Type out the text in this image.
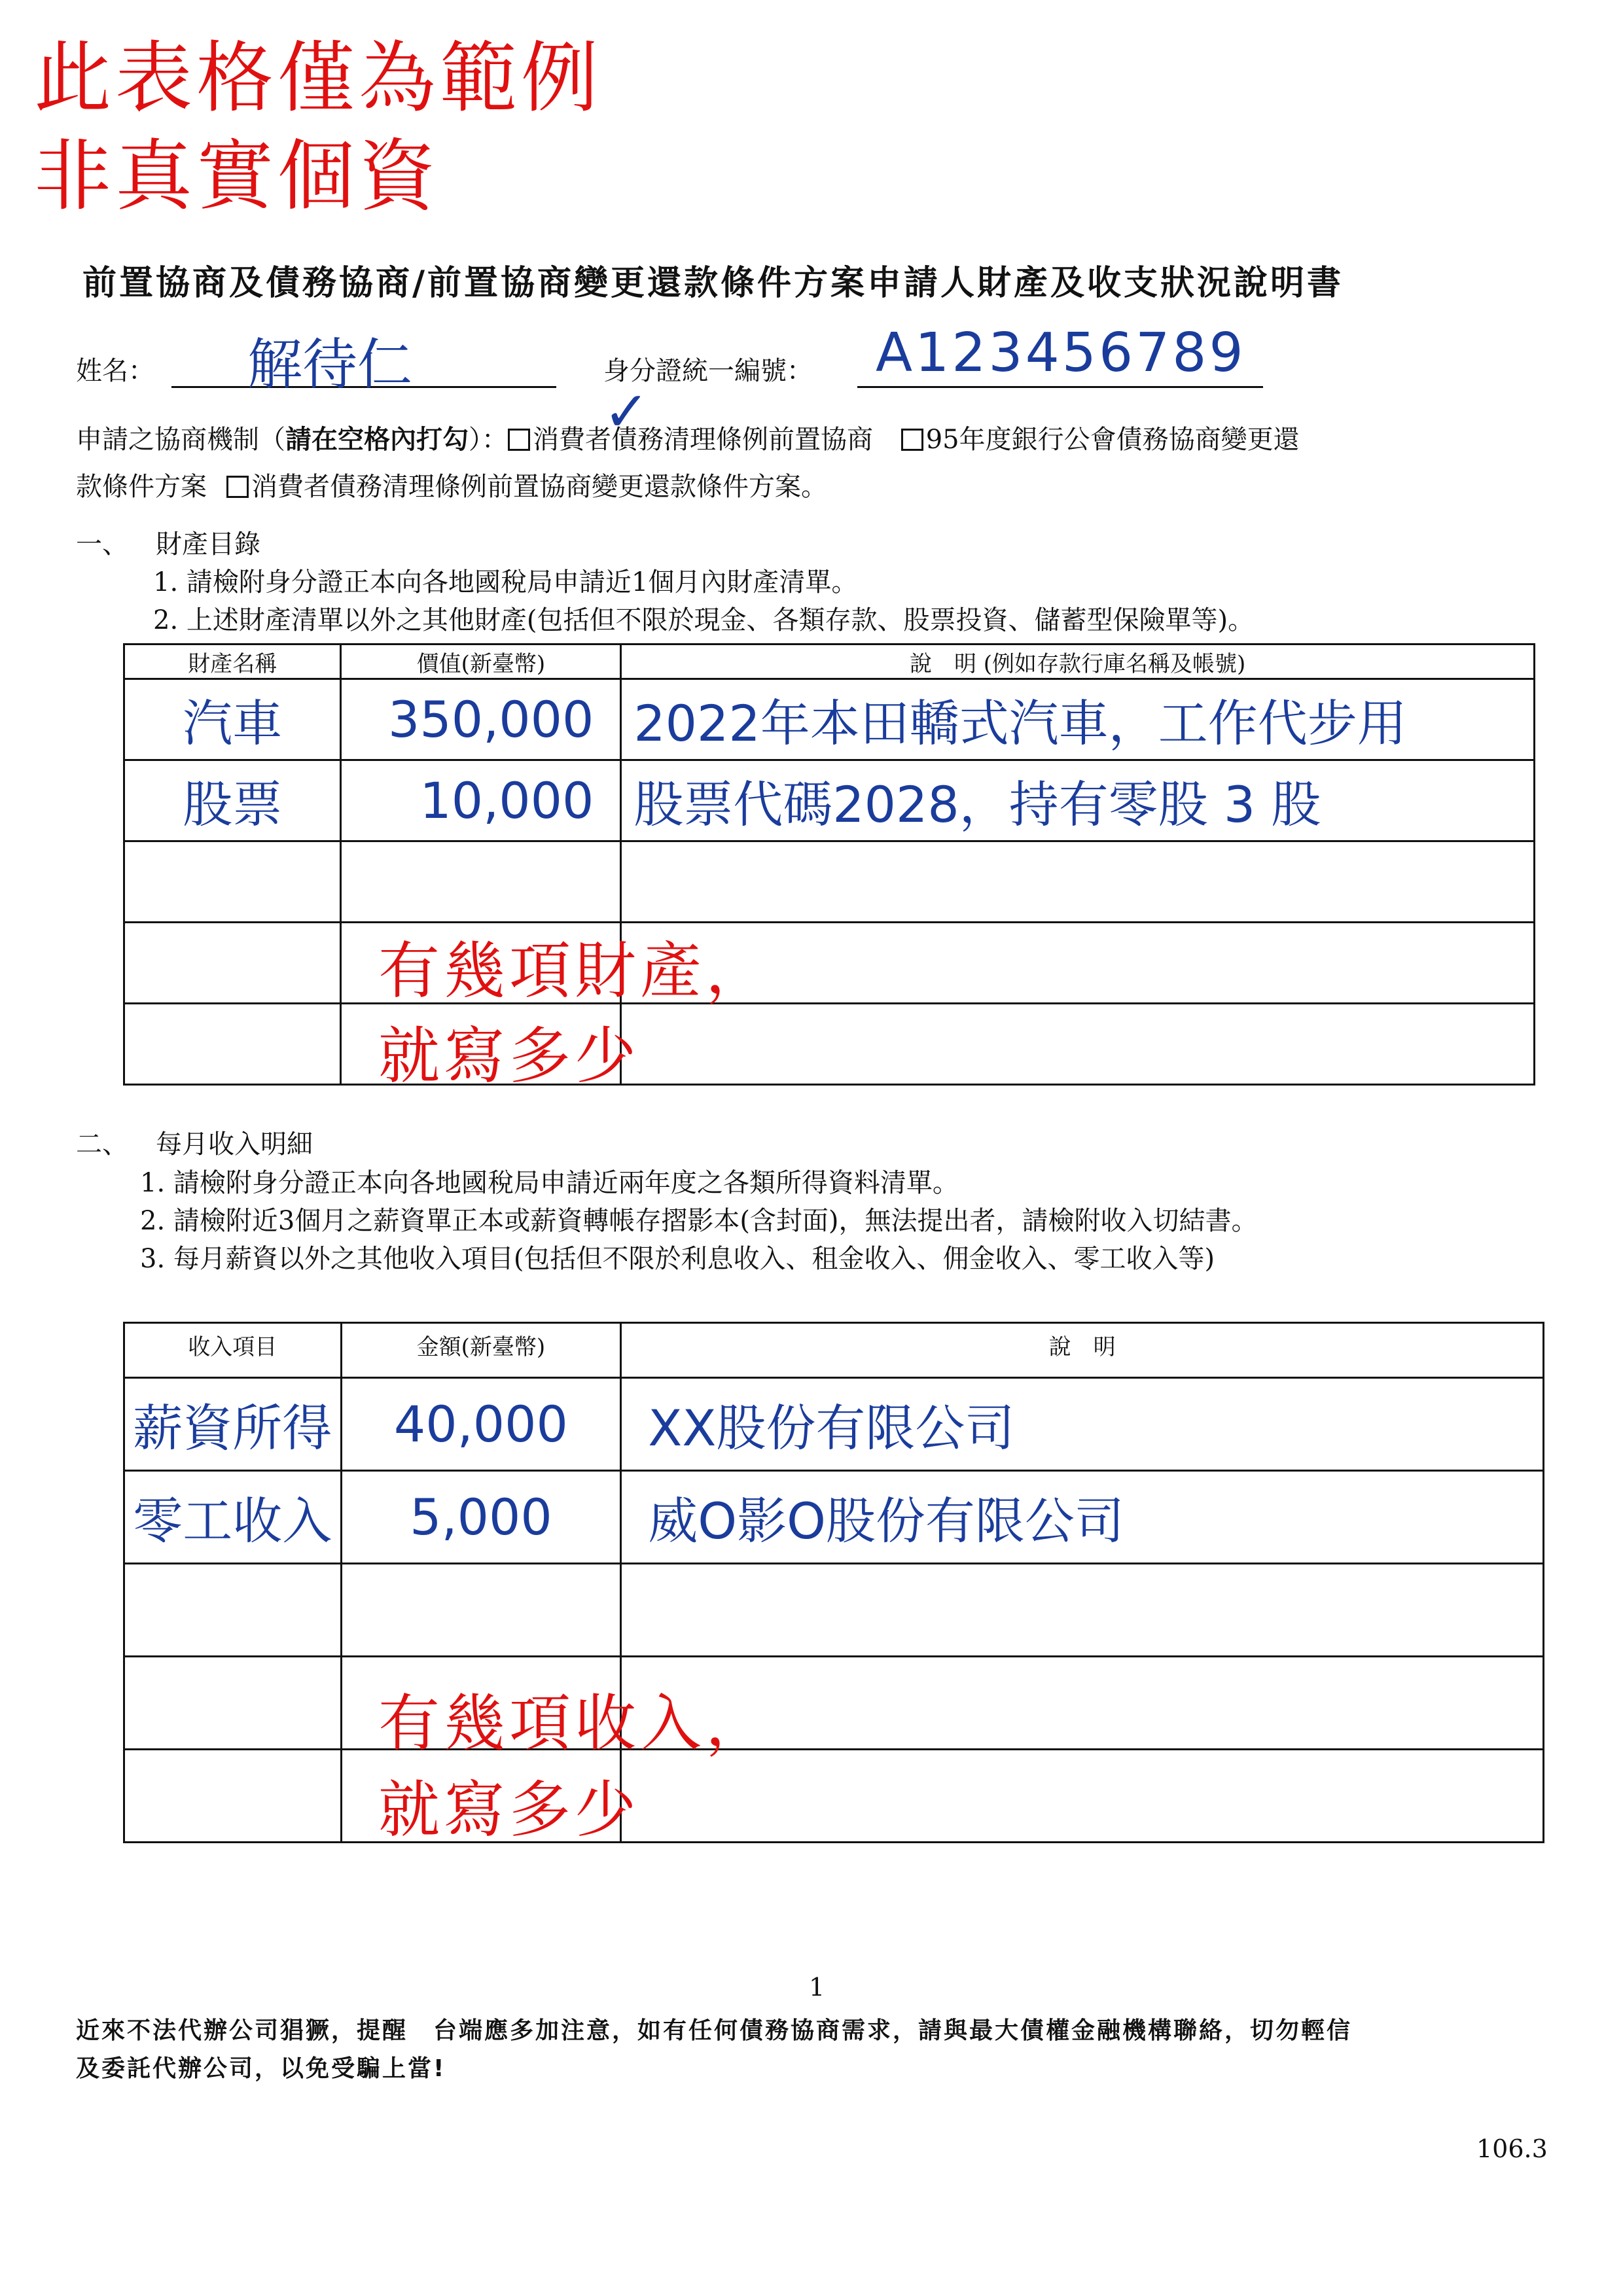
此表格僅為範例
非真實個資
前置協商及債務協商/前置協商變更還款條件方案申請人財產及收支狀況說明書
姓名： 解待仁	身分證統一編號： A123456789
申請之協商機制（請在空格內打勾）： 消費者債務清理條例前置協商 95年度銀行公會債務協商變更還
✓
款條件方案 消費者債務清理條例前置協商變更還款條件方案。
一、 財產目錄
1. 請檢附身分證正本向各地國稅局申請近1個月內財產清單。
2. 上述財產清單以外之其他財產(包括但不限於現金、各類存款、股票投資、儲蓄型保險單等)。
財產名稱	價值(新臺幣)	說　明 (例如存款行庫名稱及帳號)
汽車	350,000	2022年本田轎式汽車，工作代步用
股票	10,000	股票代碼2028，持有零股 3 股

有幾項財產，
就寫多少
二、 每月收入明細
1. 請檢附身分證正本向各地國稅局申請近兩年度之各類所得資料清單。
2. 請檢附近3個月之薪資單正本或薪資轉帳存摺影本(含封面)，無法提出者，請檢附收入切結書。
3. 每月薪資以外之其他收入項目(包括但不限於利息收入、租金收入、佣金收入、零工收入等)
收入項目	金額(新臺幣)	說　明
薪資所得	40,000	XX股份有限公司
零工收入	5,000	威O影O股份有限公司

有幾項收入，
就寫多少
1
近來不法代辦公司猖獗，提醒　台端應多加注意，如有任何債務協商需求，請與最大債權金融機構聯絡，切勿輕信
及委託代辦公司，以免受騙上當!
106.3
